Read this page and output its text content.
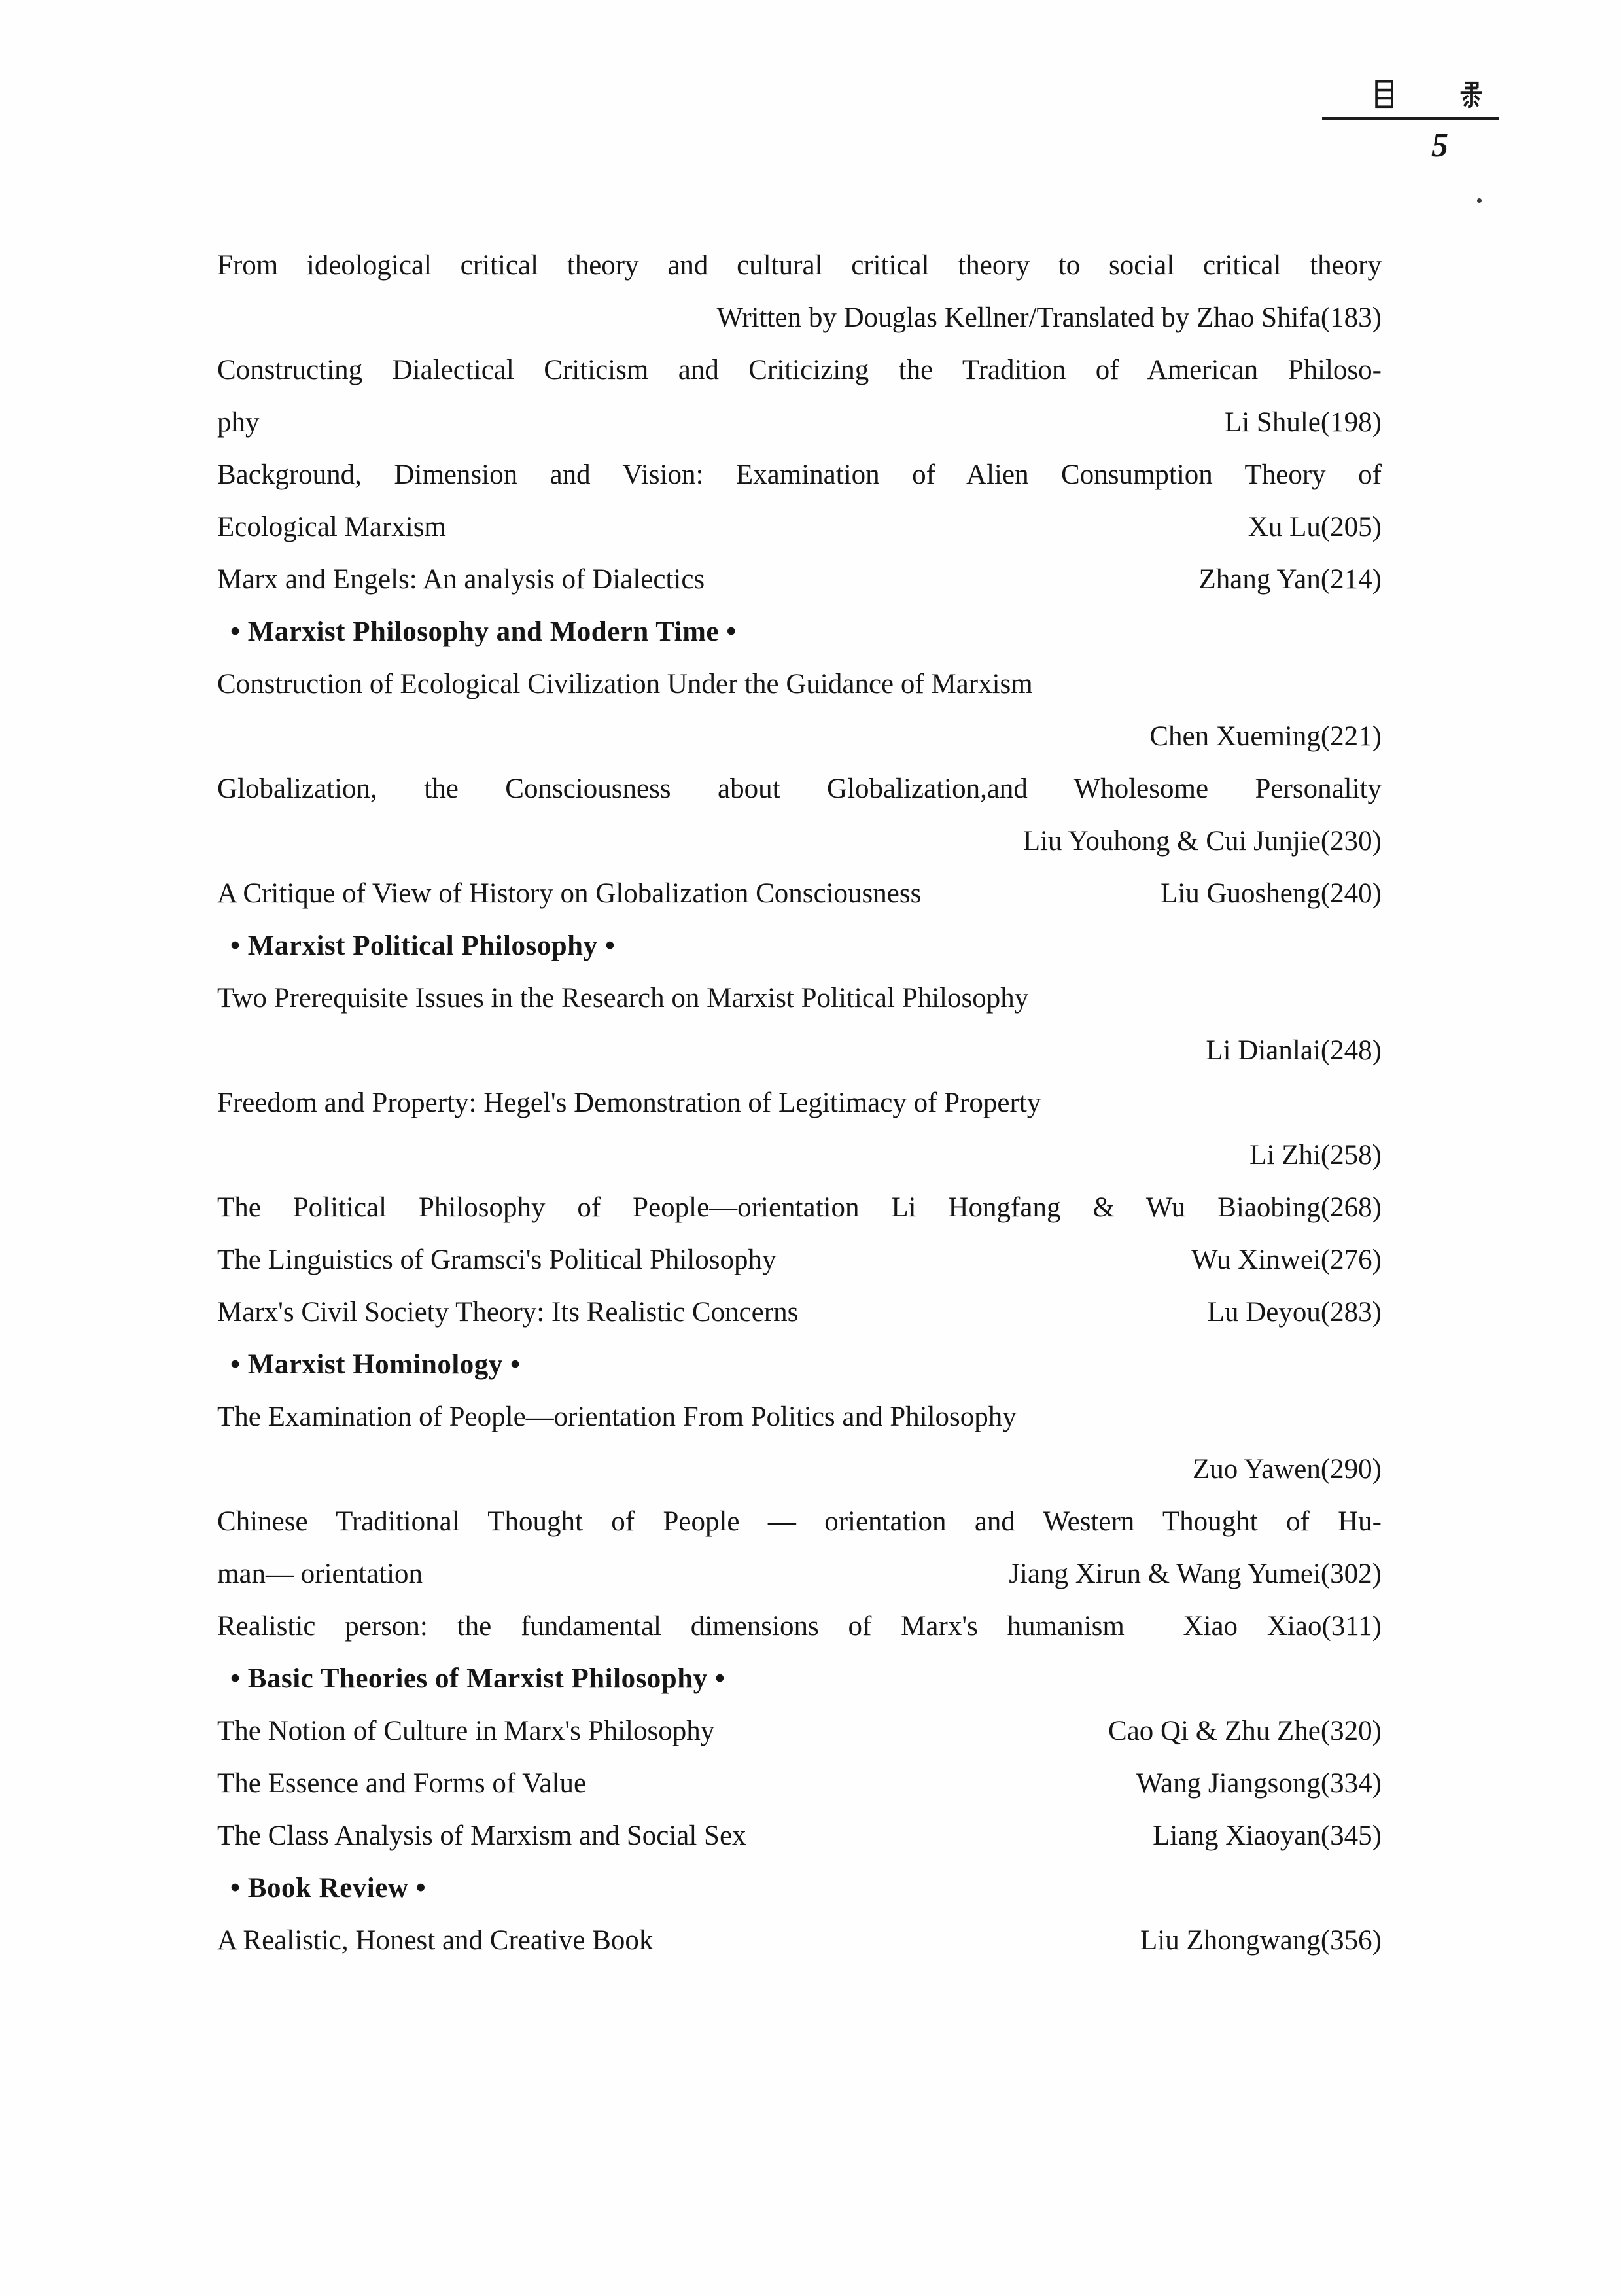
5
From ideological critical theory and cultural critical theory to social critical theory
Written by Douglas Kellner/Translated by Zhao Shifa(183)
Constructing Dialectical Criticism and Criticizing the Tradition of American Philoso-
phy	Li Shule(198)
Background, Dimension and Vision: Examination of Alien Consumption Theory of
Ecological Marxism	Xu Lu(205)
Marx and Engels: An analysis of Dialectics	Zhang Yan(214)
• Marxist Philosophy and Modern Time •
Construction of Ecological Civilization Under the Guidance of Marxism
Chen Xueming(221)
Globalization, the Consciousness about Globalization,and Wholesome Personality
Liu Youhong & Cui Junjie(230)
A Critique of View of History on Globalization Consciousness	Liu Guosheng(240)
• Marxist Political Philosophy •
Two Prerequisite Issues in the Research on Marxist Political Philosophy
Li Dianlai(248)
Freedom and Property: Hegel's Demonstration of Legitimacy of Property
Li Zhi(258)
The Political Philosophy of People—orientation Li Hongfang & Wu Biaobing(268)
The Linguistics of Gramsci's Political Philosophy	Wu Xinwei(276)
Marx's Civil Society Theory: Its Realistic Concerns	Lu Deyou(283)
• Marxist Hominology •
The Examination of People—orientation From Politics and Philosophy
Zuo Yawen(290)
Chinese Traditional Thought of People — orientation and Western Thought of Hu-
man— orientation	Jiang Xirun & Wang Yumei(302)
Realistic person: the fundamental dimensions of Marx's humanism  Xiao Xiao(311)
• Basic Theories of Marxist Philosophy •
The Notion of Culture in Marx's Philosophy	Cao Qi & Zhu Zhe(320)
The Essence and Forms of Value	Wang Jiangsong(334)
The Class Analysis of Marxism and Social Sex	Liang Xiaoyan(345)
• Book Review •
A Realistic, Honest and Creative Book	Liu Zhongwang(356)
